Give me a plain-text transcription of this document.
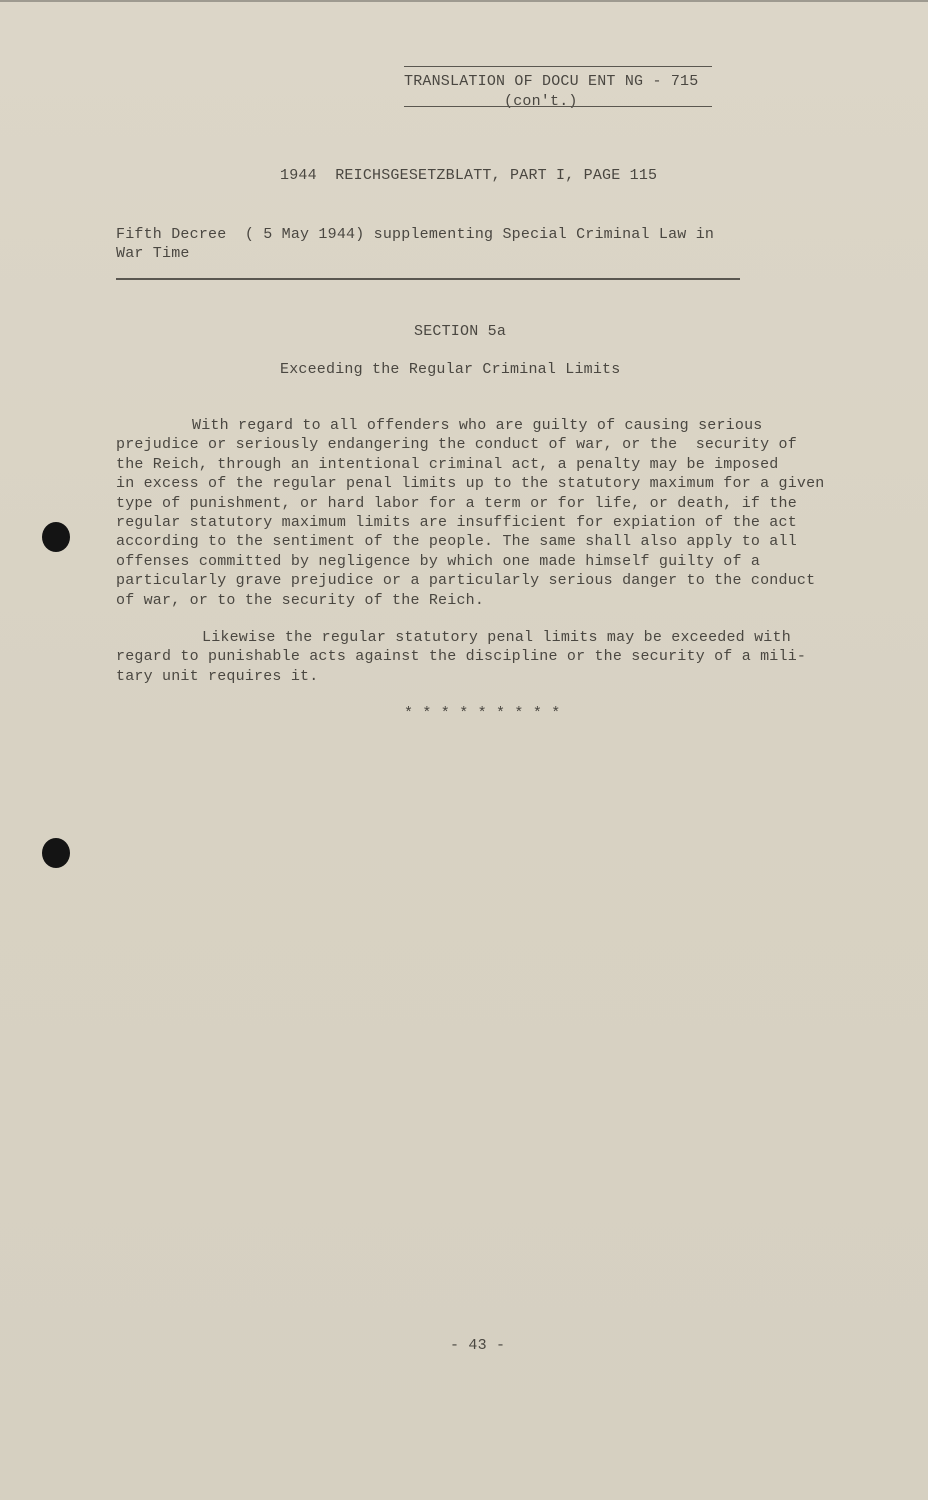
TRANSLATION OF DOCU ENT NG - 715
(con't.)
1944  REICHSGESETZBLATT, PART I, PAGE 115
Fifth Decree  ( 5 May 1944) supplementing Special Criminal Law in
War Time
SECTION 5a
Exceeding the Regular Criminal Limits
With regard to all offenders who are guilty of causing serious
prejudice or seriously endangering the conduct of war, or the  security of
the Reich, through an intentional criminal act, a penalty may be imposed
in excess of the regular penal limits up to the statutory maximum for a given
type of punishment, or hard labor for a term or for life, or death, if the
regular statutory maximum limits are insufficient for expiation of the act
according to the sentiment of the people. The same shall also apply to all
offenses committed by negligence by which one made himself guilty of a
particularly grave prejudice or a particularly serious danger to the conduct
of war, or to the security of the Reich.
Likewise the regular statutory penal limits may be exceeded with
regard to punishable acts against the discipline or the security of a mili-
tary unit requires it.
* * * * * * * * *
- 43 -
